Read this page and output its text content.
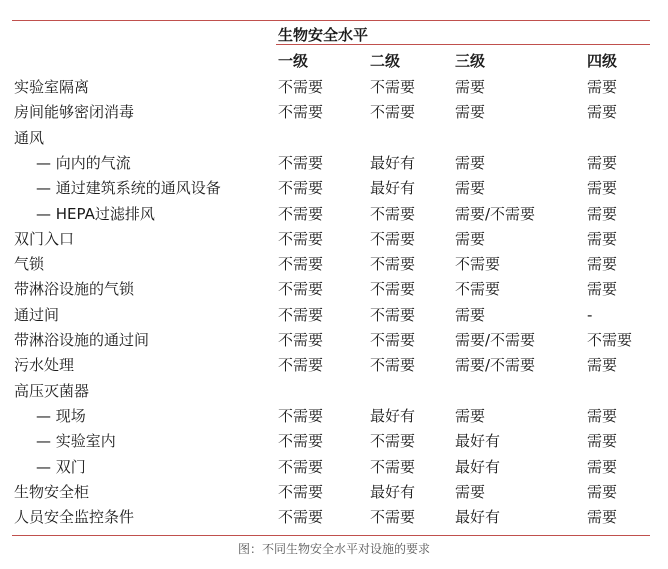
生物安全水平
一级	二级	三级	四级
实验室隔离	不需要	不需要	需要	需要
房间能够密闭消毒	不需要	不需要	需要	需要
通风
— 向内的气流	不需要	最好有	需要	需要
— 通过建筑系统的通风设备	不需要	最好有	需要	需要
— HEPA过滤排风	不需要	不需要	需要/不需要	需要
双门入口	不需要	不需要	需要	需要
气锁	不需要	不需要	不需要	需要
带淋浴设施的气锁	不需要	不需要	不需要	需要
通过间	不需要	不需要	需要	-
带淋浴设施的通过间	不需要	不需要	需要/不需要	不需要
污水处理	不需要	不需要	需要/不需要	需要
高压灭菌器
— 现场	不需要	最好有	需要	需要
— 实验室内	不需要	不需要	最好有	需要
— 双门	不需要	不需要	最好有	需要
生物安全柜	不需要	最好有	需要	需要
人员安全监控条件	不需要	不需要	最好有	需要
图：不同生物安全水平对设施的要求
